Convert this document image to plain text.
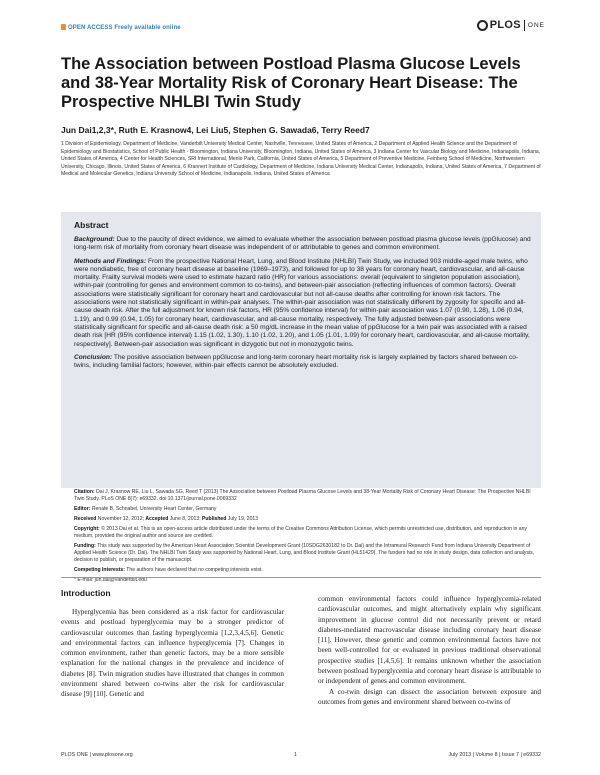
OPEN ACCESS Freely available online	PLOS ONE
The Association between Postload Plasma Glucose Levels and 38-Year Mortality Risk of Coronary Heart Disease: The Prospective NHLBI Twin Study
Jun Dai1,2,3*, Ruth E. Krasnow4, Lei Liu5, Stephen G. Sawada6, Terry Reed7
1 Division of Epidemiology, Department of Medicine, Vanderbilt University Medical Center, Nashville, Tennessee, United States of America, 2 Department of Applied Health Science and the Department of Epidemiology and Biostatistics, School of Public Health - Bloomington, Indiana University, Bloomington, Indiana, United States of America, 3 Indiana Center for Vascular Biology and Medicine, Indianapolis, Indiana, United States of America, 4 Center for Health Sciences, SRI International, Menlo Park, California, United States of America, 5 Department of Preventive Medicine, Feinberg School of Medicine, Northwestern University, Chicago, Illinois, United States of America, 6 Krannert Institute of Cardiology, Department of Medicine, Indiana University Medical Center, Indianapolis, Indiana, United States of America, 7 Department of Medical and Molecular Genetics, Indiana University School of Medicine, Indianapolis, Indiana, United States of America
Abstract

Background: Due to the paucity of direct evidence, we aimed to evaluate whether the association between postload plasma glucose levels (ppGlucose) and long-term risk of mortality from coronary heart disease was independent of or attributable to genes and common environment.

Methods and Findings: From the prospective National Heart, Lung, and Blood Institute (NHLBI) Twin Study, we included 903 middle-aged male twins, who were nondiabetic, free of coronary heart disease at baseline (1969–1973), and followed for up to 38 years for coronary heart, cardiovascular, and all-cause mortality. Frailty survival models were used to estimate hazard ratio (HR) for various associations: overall (equivalent to singleton population association), within-pair (controlling for genes and environment common to co-twins), and between-pair association (reflecting influences of common factors). Overall associations were statistically significant for coronary heart and cardiovascular but not all-cause deaths after controlling for known risk factors. The associations were not statistically significant in within-pair analyses. The within-pair association was not statistically different by zygosity for specific and all-cause death risk. After the full adjustment for known risk factors, HR (95% confidence interval) for within-pair association was 1.07 (0.90, 1.28), 1.06 (0.94, 1.19), and 0.99 (0.94, 1.05) for coronary heart, cardiovascular, and all-cause mortality, respectively. The fully adjusted between-pair associations were statistically significant for specific and all-cause death risk: a 50 mg/dL increase in the mean value of ppGlucose for a twin pair was associated with a raised death risk [HR (95% confidence interval) 1.15 (1.02, 1.30), 1.10 (1.02, 1.20), and 1.05 (1.01, 1.09) for coronary heart, cardiovascular, and all-cause mortality, respectively]. Between-pair association was significant in dizygotic but not in monozygotic twins.

Conclusion: The positive association between ppGlucose and long-term coronary heart mortality risk is largely explained by factors shared between co-twins, including familial factors; however, within-pair effects cannot be absolutely excluded.

Citation: Dai J, Krasnow RE, Liu L, Sawada SG, Reed T (2013) The Association between Postload Plasma Glucose Levels and 38-Year Mortality Risk of Coronary Heart Disease: The Prospective NHLBI Twin Study. PLoS ONE 8(7): e69332. doi:10.1371/journal.pone.0069332
Editor: Renate B. Schnabel, University Heart Center, Germany
Received November 12, 2012; Accepted June 8, 2013; Published July 19, 2013
Copyright: © 2013 Dai et al. This is an open-access article distributed under the terms of the Creative Commons Attribution License, which permits unrestricted use, distribution, and reproduction in any medium, provided the original author and source are credited.
Funding: This study was supported by the American Heart Association Scientist Development Grant (10SDG2630182 to Dr. Dai) and the Intramural Research Fund from Indiana University Department of Applied Health Science (Dr. Dai). The NHLBI Twin Study was supported by National Heart, Lung, and Blood Institute Grant (HL51429). The funders had no role in study design, data collection and analysis, decision to publish, or preparation of the manuscript.
Competing Interests: The authors have declared that no competing interests exist.
* E-mail: jun.dai@vanderbilt.edu
Introduction

Hyperglycemia has been considered as a risk factor for cardiovascular events and postload hyperglycemia may be a stronger predictor of cardiovascular outcomes than fasting hyperglycemia [1,2,3,4,5,6]. Genetic and environmental factors can influence hyperglycemia [7]. Changes in common environment, rather than genetic factors, may be a more sensible explanation for the national changes in the prevalence and incidence of diabetes [8]. Twin migration studies have illustrated that changes in common environment shared between co-twins alter the risk for cardiovascular disease [9] [10]. Genetic and

common environmental factors could influence hyperglycemia-related cardiovascular outcomes, and might alternatively explain why significant improvement in glucose control did not necessarily prevent or retard diabetes-mediated macrovascular disease including coronary heart disease [11]. However, these genetic and common environmental factors have not been well-controlled for or evaluated in previous traditional observational prospective studies [1,4,5,6]. It remains unknown whether the association between postload hyperglycemia and coronary heart disease is attributable to or independent of genes and common environment.

A co-twin design can dissect the association between exposure and outcomes from genes and environment shared between co-twins of

PLOS ONE | www.plosone.org	1	July 2013 | Volume 8 | Issue 7 | e69332
